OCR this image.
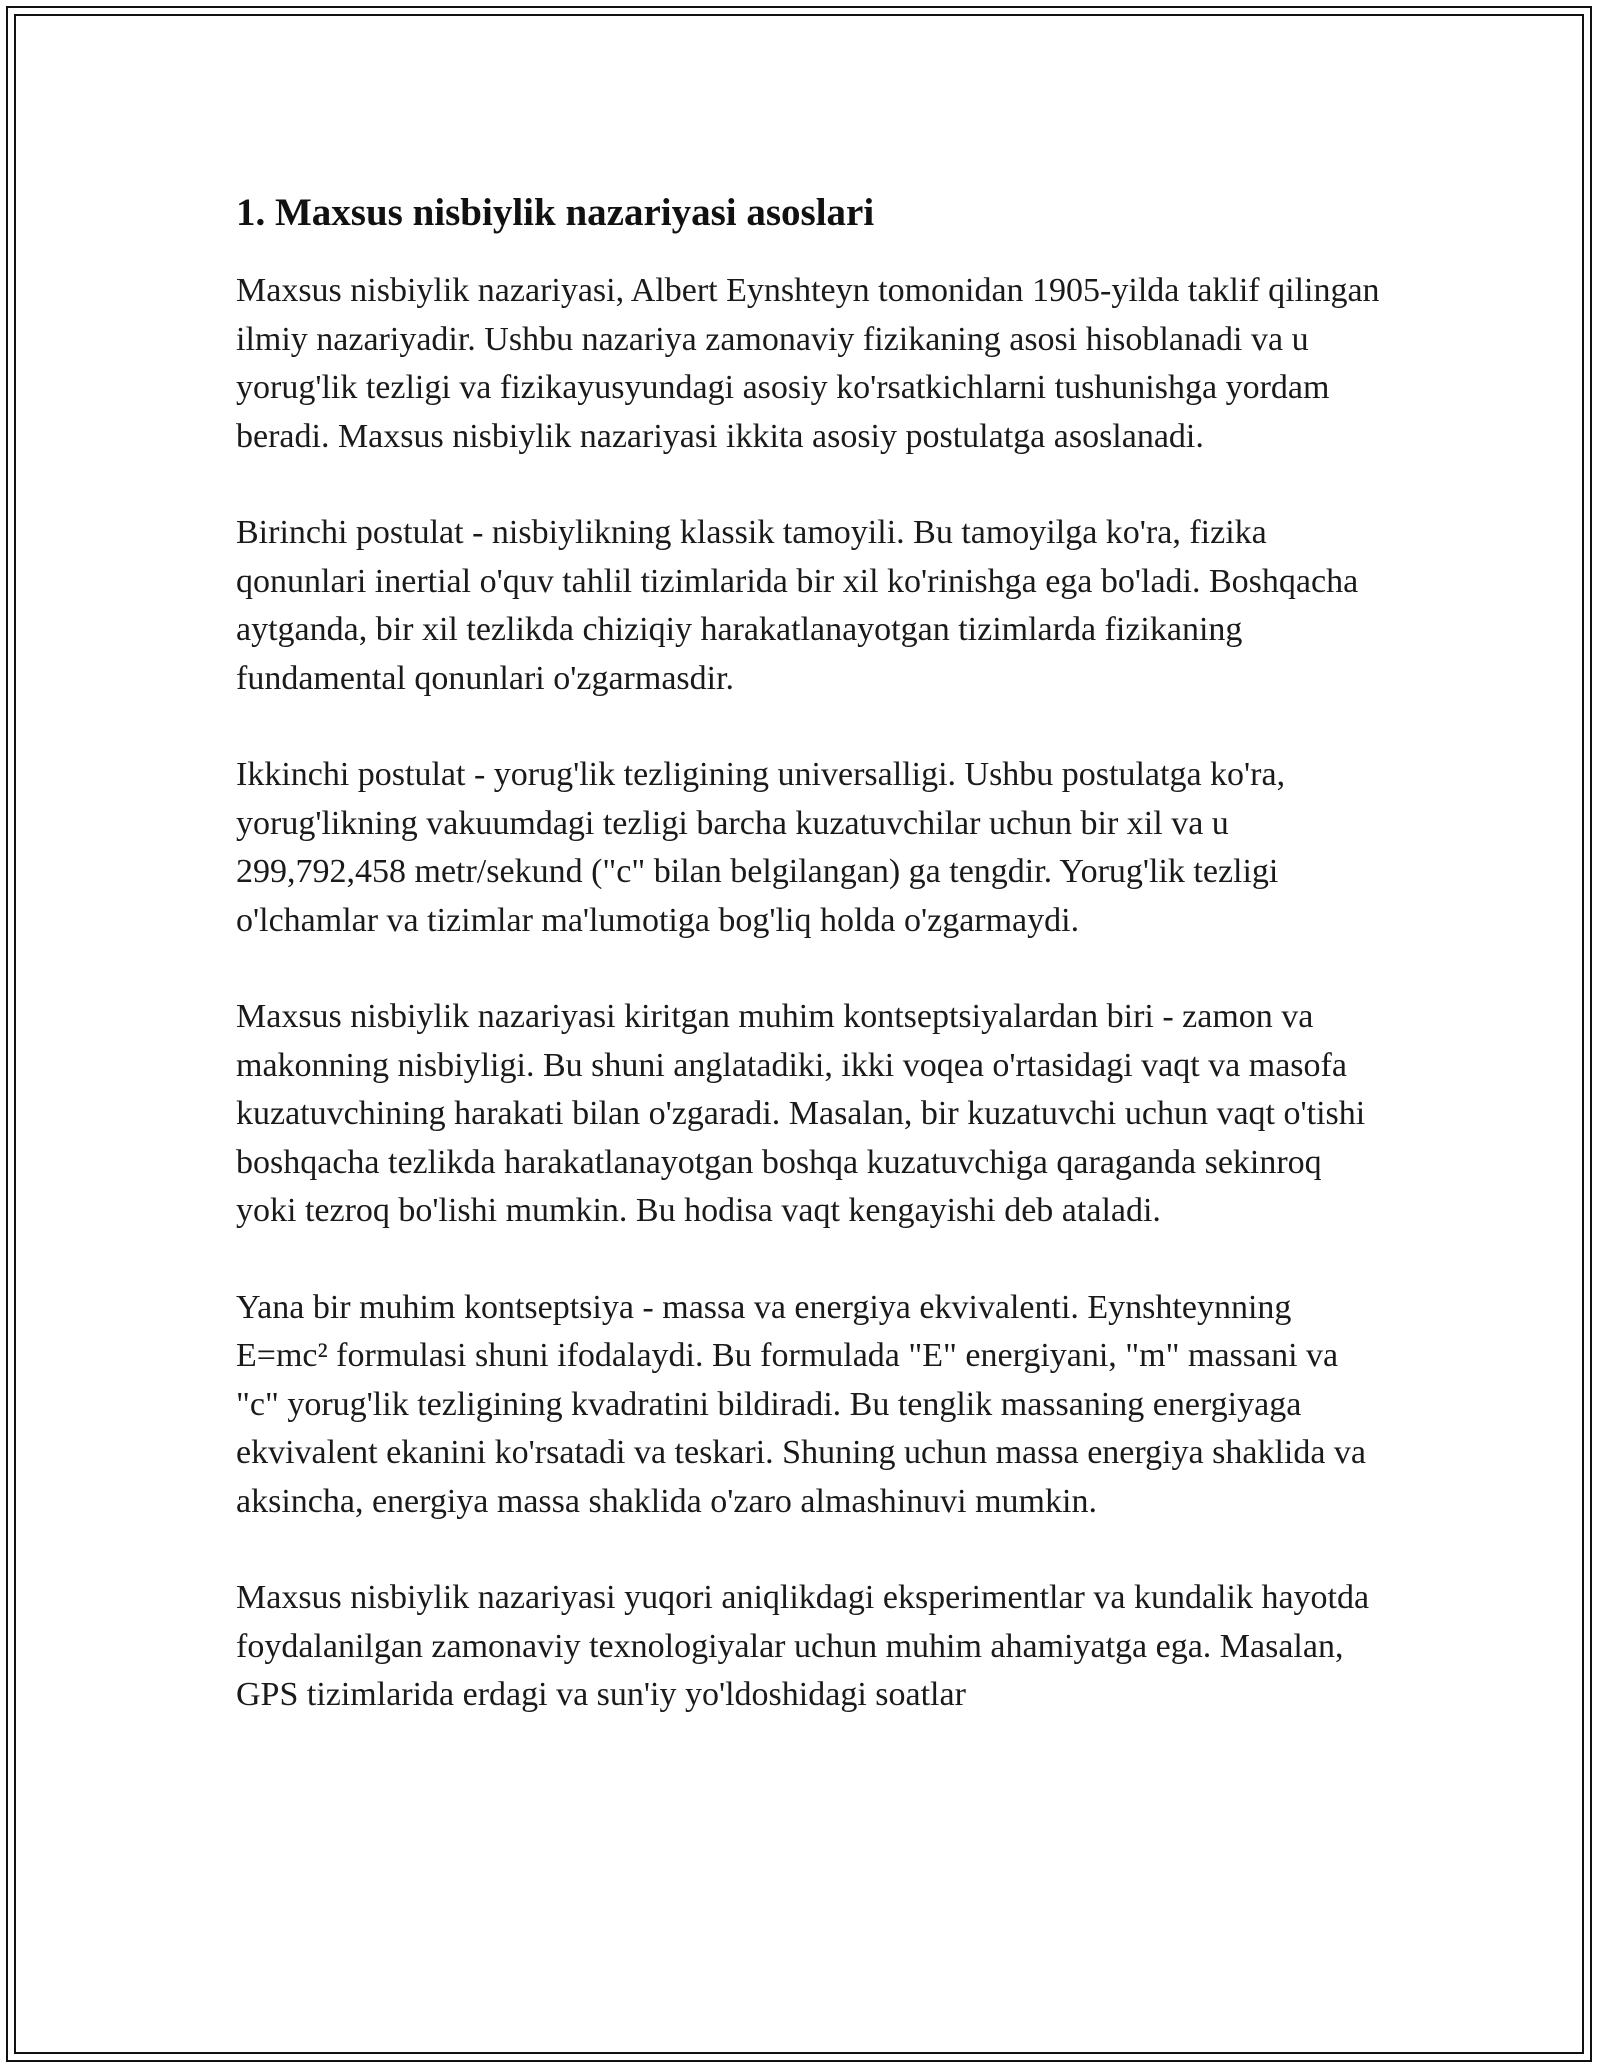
1. Maxsus nisbiylik nazariyasi asoslari

Maxsus nisbiylik nazariyasi, Albert Eynshteyn tomonidan 1905-yilda taklif qilingan ilmiy nazariyadir. Ushbu nazariya zamonaviy fizikaning asosi hisoblanadi va u yorug'lik tezligi va fizikayusyundagi asosiy ko'rsatkichlarni tushunishga yordam beradi. Maxsus nisbiylik nazariyasi ikkita asosiy postulatga asoslanadi.

Birinchi postulat - nisbiylikning klassik tamoyili. Bu tamoyilga ko'ra, fizika qonunlari inertial o'quv tahlil tizimlarida bir xil ko'rinishga ega bo'ladi. Boshqacha aytganda, bir xil tezlikda chiziqiy harakatlanayotgan tizimlarda fizikaning fundamental qonunlari o'zgarmasdir.

Ikkinchi postulat - yorug'lik tezligining universalligi. Ushbu postulatga ko'ra, yorug'likning vakuumdagi tezligi barcha kuzatuvchilar uchun bir xil va u 299,792,458 metr/sekund ("c" bilan belgilangan) ga tengdir. Yorug'lik tezligi o'lchamlar va tizimlar ma'lumotiga bog'liq holda o'zgarmaydi.

Maxsus nisbiylik nazariyasi kiritgan muhim kontseptsiyalardan biri - zamon va makonning nisbiyligi. Bu shuni anglatadiki, ikki voqea o'rtasidagi vaqt va masofa kuzatuvchining harakati bilan o'zgaradi. Masalan, bir kuzatuvchi uchun vaqt o'tishi boshqacha tezlikda harakatlanayotgan boshqa kuzatuvchiga qaraganda sekinroq yoki tezroq bo'lishi mumkin. Bu hodisa vaqt kengayishi deb ataladi.

Yana bir muhim kontseptsiya - massa va energiya ekvivalenti. Eynshteynning E=mc² formulasi shuni ifodalaydi. Bu formulada "E" energiyani, "m" massani va "c" yorug'lik tezligining kvadratini bildiradi. Bu tenglik massaning energiyaga ekvivalent ekanini ko'rsatadi va teskari. Shuning uchun massa energiya shaklida va aksincha, energiya massa shaklida o'zaro almashinuvi mumkin.

Maxsus nisbiylik nazariyasi yuqori aniqlikdagi eksperimentlar va kundalik hayotda foydalanilgan zamonaviy texnologiyalar uchun muhim ahamiyatga ega. Masalan, GPS tizimlarida erdagi va sun'iy yo'ldoshidagi soatlar
